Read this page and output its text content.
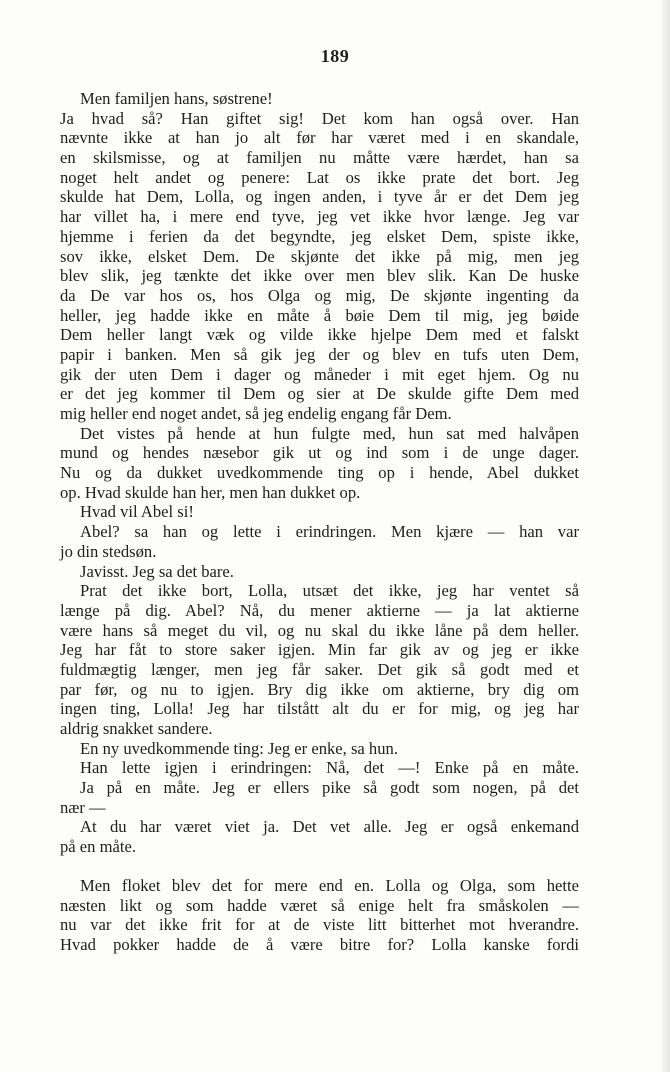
189
Men familjen hans, søstrene!
Ja hvad så? Han giftet sig! Det kom han også over. Han
nævnte ikke at han jo alt før har været med i en skandale,
en skilsmisse, og at familjen nu måtte være hærdet, han sa
noget helt andet og penere: Lat os ikke prate det bort. Jeg
skulde hat Dem, Lolla, og ingen anden, i tyve år er det Dem jeg
har villet ha, i mere end tyve, jeg vet ikke hvor længe. Jeg var
hjemme i ferien da det begyndte, jeg elsket Dem, spiste ikke,
sov ikke, elsket Dem. De skjønte det ikke på mig, men jeg
blev slik, jeg tænkte det ikke over men blev slik. Kan De huske
da De var hos os, hos Olga og mig, De skjønte ingenting da
heller, jeg hadde ikke en måte å bøie Dem til mig, jeg bøide
Dem heller langt væk og vilde ikke hjelpe Dem med et falskt
papir i banken. Men så gik jeg der og blev en tufs uten Dem,
gik der uten Dem i dager og måneder i mit eget hjem. Og nu
er det jeg kommer til Dem og sier at De skulde gifte Dem med
mig heller end noget andet, så jeg endelig engang får Dem.
Det vistes på hende at hun fulgte med, hun sat med halvåpen
mund og hendes næsebor gik ut og ind som i de unge dager.
Nu og da dukket uvedkommende ting op i hende, Abel dukket
op. Hvad skulde han her, men han dukket op.
Hvad vil Abel si!
Abel? sa han og lette i erindringen. Men kjære — han var
jo din stedsøn.
Javisst. Jeg sa det bare.
Prat det ikke bort, Lolla, utsæt det ikke, jeg har ventet så
længe på dig. Abel? Nå, du mener aktierne — ja lat aktierne
være hans så meget du vil, og nu skal du ikke låne på dem heller.
Jeg har fåt to store saker igjen. Min far gik av og jeg er ikke
fuldmægtig længer, men jeg får saker. Det gik så godt med et
par før, og nu to igjen. Bry dig ikke om aktierne, bry dig om
ingen ting, Lolla! Jeg har tilstått alt du er for mig, og jeg har
aldrig snakket sandere.
En ny uvedkommende ting: Jeg er enke, sa hun.
Han lette igjen i erindringen: Nå, det —! Enke på en måte.
Ja på en måte. Jeg er ellers pike så godt som nogen, på det
nær —
At du har været viet ja. Det vet alle. Jeg er også enkemand
på en måte.
Men floket blev det for mere end en. Lolla og Olga, som hette
næsten likt og som hadde været så enige helt fra småskolen —
nu var det ikke frit for at de viste litt bitterhet mot hverandre.
Hvad pokker hadde de å være bitre for? Lolla kanske fordi
